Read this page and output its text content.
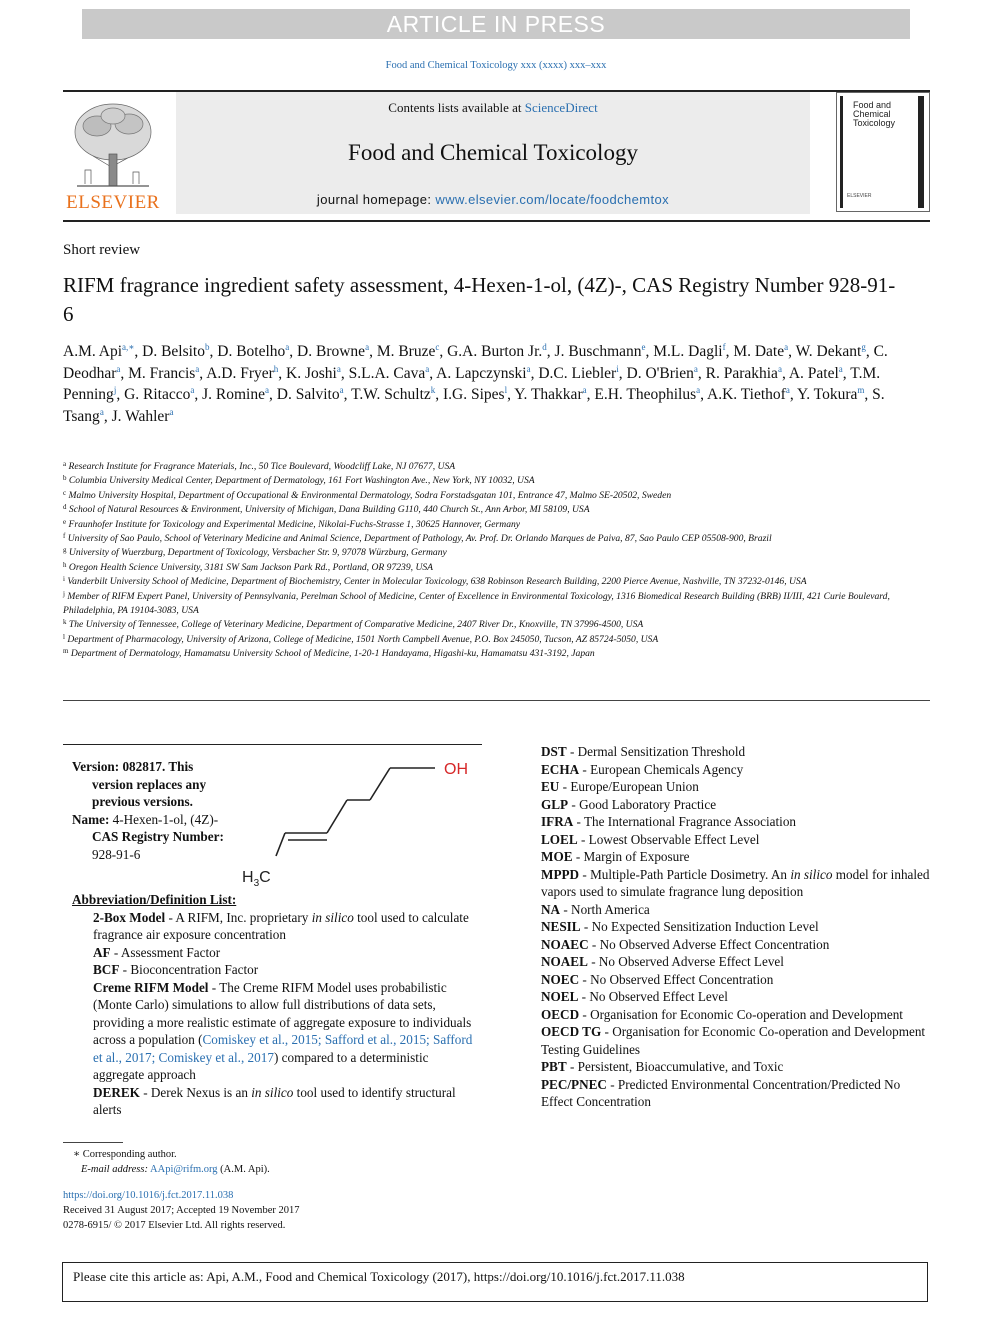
ARTICLE IN PRESS
Food and Chemical Toxicology xxx (xxxx) xxx–xxx
ELSEVIER
Contents lists available at ScienceDirect
Food and Chemical Toxicology
journal homepage: www.elsevier.com/locate/foodchemtox
Food and Chemical Toxicology
ELSEVIER
Short review
RIFM fragrance ingredient safety assessment, 4-Hexen-1-ol, (4Z)-, CAS Registry Number 928-91-6
A.M. Api$^{a,∗}$, D. Belsito$^b$, D. Botelho$^a$, D. Browne$^a$, M. Bruze$^c$, G.A. Burton Jr.$^d$, J. Buschmann$^e$, M.L. Dagli$^f$, M. Date$^a$, W. Dekant$^g$, C. Deodhar$^a$, M. Francis$^a$, A.D. Fryer$^h$, K. Joshi$^a$, S.L.A. Cava$^a$, A. Lapczynski$^a$, D.C. Liebler$^i$, D. O'Brien$^a$, R. Parakhia$^a$, A. Patel$^a$, T.M. Penning$^j$, G. Ritacco$^a$, J. Romine$^a$, D. Salvito$^a$, T.W. Schultz$^k$, I.G. Sipes$^l$, Y. Thakkar$^a$, E.H. Theophilus$^a$, A.K. Tiethof$^a$, Y. Tokura$^m$, S. Tsang$^a$, J. Wahler$^a$
$^a$ Research Institute for Fragrance Materials, Inc., 50 Tice Boulevard, Woodcliff Lake, NJ 07677, USA
$^b$ Columbia University Medical Center, Department of Dermatology, 161 Fort Washington Ave., New York, NY 10032, USA
$^c$ Malmo University Hospital, Department of Occupational & Environmental Dermatology, Sodra Forstadsgatan 101, Entrance 47, Malmo SE-20502, Sweden
$^d$ School of Natural Resources & Environment, University of Michigan, Dana Building G110, 440 Church St., Ann Arbor, MI 58109, USA
$^e$ Fraunhofer Institute for Toxicology and Experimental Medicine, Nikolai-Fuchs-Strasse 1, 30625 Hannover, Germany
$^f$ University of Sao Paulo, School of Veterinary Medicine and Animal Science, Department of Pathology, Av. Prof. Dr. Orlando Marques de Paiva, 87, Sao Paulo CEP 05508-900, Brazil
$^g$ University of Wuerzburg, Department of Toxicology, Versbacher Str. 9, 97078 Würzburg, Germany
$^h$ Oregon Health Science University, 3181 SW Sam Jackson Park Rd., Portland, OR 97239, USA
$^i$ Vanderbilt University School of Medicine, Department of Biochemistry, Center in Molecular Toxicology, 638 Robinson Research Building, 2200 Pierce Avenue, Nashville, TN 37232-0146, USA
$^j$ Member of RIFM Expert Panel, University of Pennsylvania, Perelman School of Medicine, Center of Excellence in Environmental Toxicology, 1316 Biomedical Research Building (BRB) II/III, 421 Curie Boulevard, Philadelphia, PA 19104-3083, USA
$^k$ The University of Tennessee, College of Veterinary Medicine, Department of Comparative Medicine, 2407 River Dr., Knoxville, TN 37996-4500, USA
$^l$ Department of Pharmacology, University of Arizona, College of Medicine, 1501 North Campbell Avenue, P.O. Box 245050, Tucson, AZ 85724-5050, USA
$^m$ Department of Dermatology, Hamamatsu University School of Medicine, 1-20-1 Handayama, Higashi-ku, Hamamatsu 431-3192, Japan
Version: 082817. This version replaces any previous versions.
Name: 4-Hexen-1-ol, (4Z)-
CAS Registry Number: 928-91-6
OH
$H_3C$
Abbreviation/Definition List:
2-Box Model - A RIFM, Inc. proprietary in silico tool used to calculate fragrance air exposure concentration
AF - Assessment Factor
BCF - Bioconcentration Factor
Creme RIFM Model - The Creme RIFM Model uses probabilistic (Monte Carlo) simulations to allow full distributions of data sets, providing a more realistic estimate of aggregate exposure to individuals across a population (Comiskey et al., 2015; Safford et al., 2015; Safford et al., 2017; Comiskey et al., 2017) compared to a deterministic aggregate approach
DEREK - Derek Nexus is an in silico tool used to identify structural alerts
DST - Dermal Sensitization Threshold
ECHA - European Chemicals Agency
EU - Europe/European Union
GLP - Good Laboratory Practice
IFRA - The International Fragrance Association
LOEL - Lowest Observable Effect Level
MOE - Margin of Exposure
MPPD - Multiple-Path Particle Dosimetry. An in silico model for inhaled vapors used to simulate fragrance lung deposition
NA - North America
NESIL - No Expected Sensitization Induction Level
NOAEC - No Observed Adverse Effect Concentration
NOAEL - No Observed Adverse Effect Level
NOEC - No Observed Effect Concentration
NOEL - No Observed Effect Level
OECD - Organisation for Economic Co-operation and Development
OECD TG - Organisation for Economic Co-operation and Development Testing Guidelines
PBT - Persistent, Bioaccumulative, and Toxic
PEC/PNEC - Predicted Environmental Concentration/Predicted No Effect Concentration
∗ Corresponding author.
E-mail address: AApi@rifm.org (A.M. Api).
https://doi.org/10.1016/j.fct.2017.11.038
Received 31 August 2017; Accepted 19 November 2017
0278-6915/ © 2017 Elsevier Ltd. All rights reserved.
Please cite this article as: Api, A.M., Food and Chemical Toxicology (2017), https://doi.org/10.1016/j.fct.2017.11.038
